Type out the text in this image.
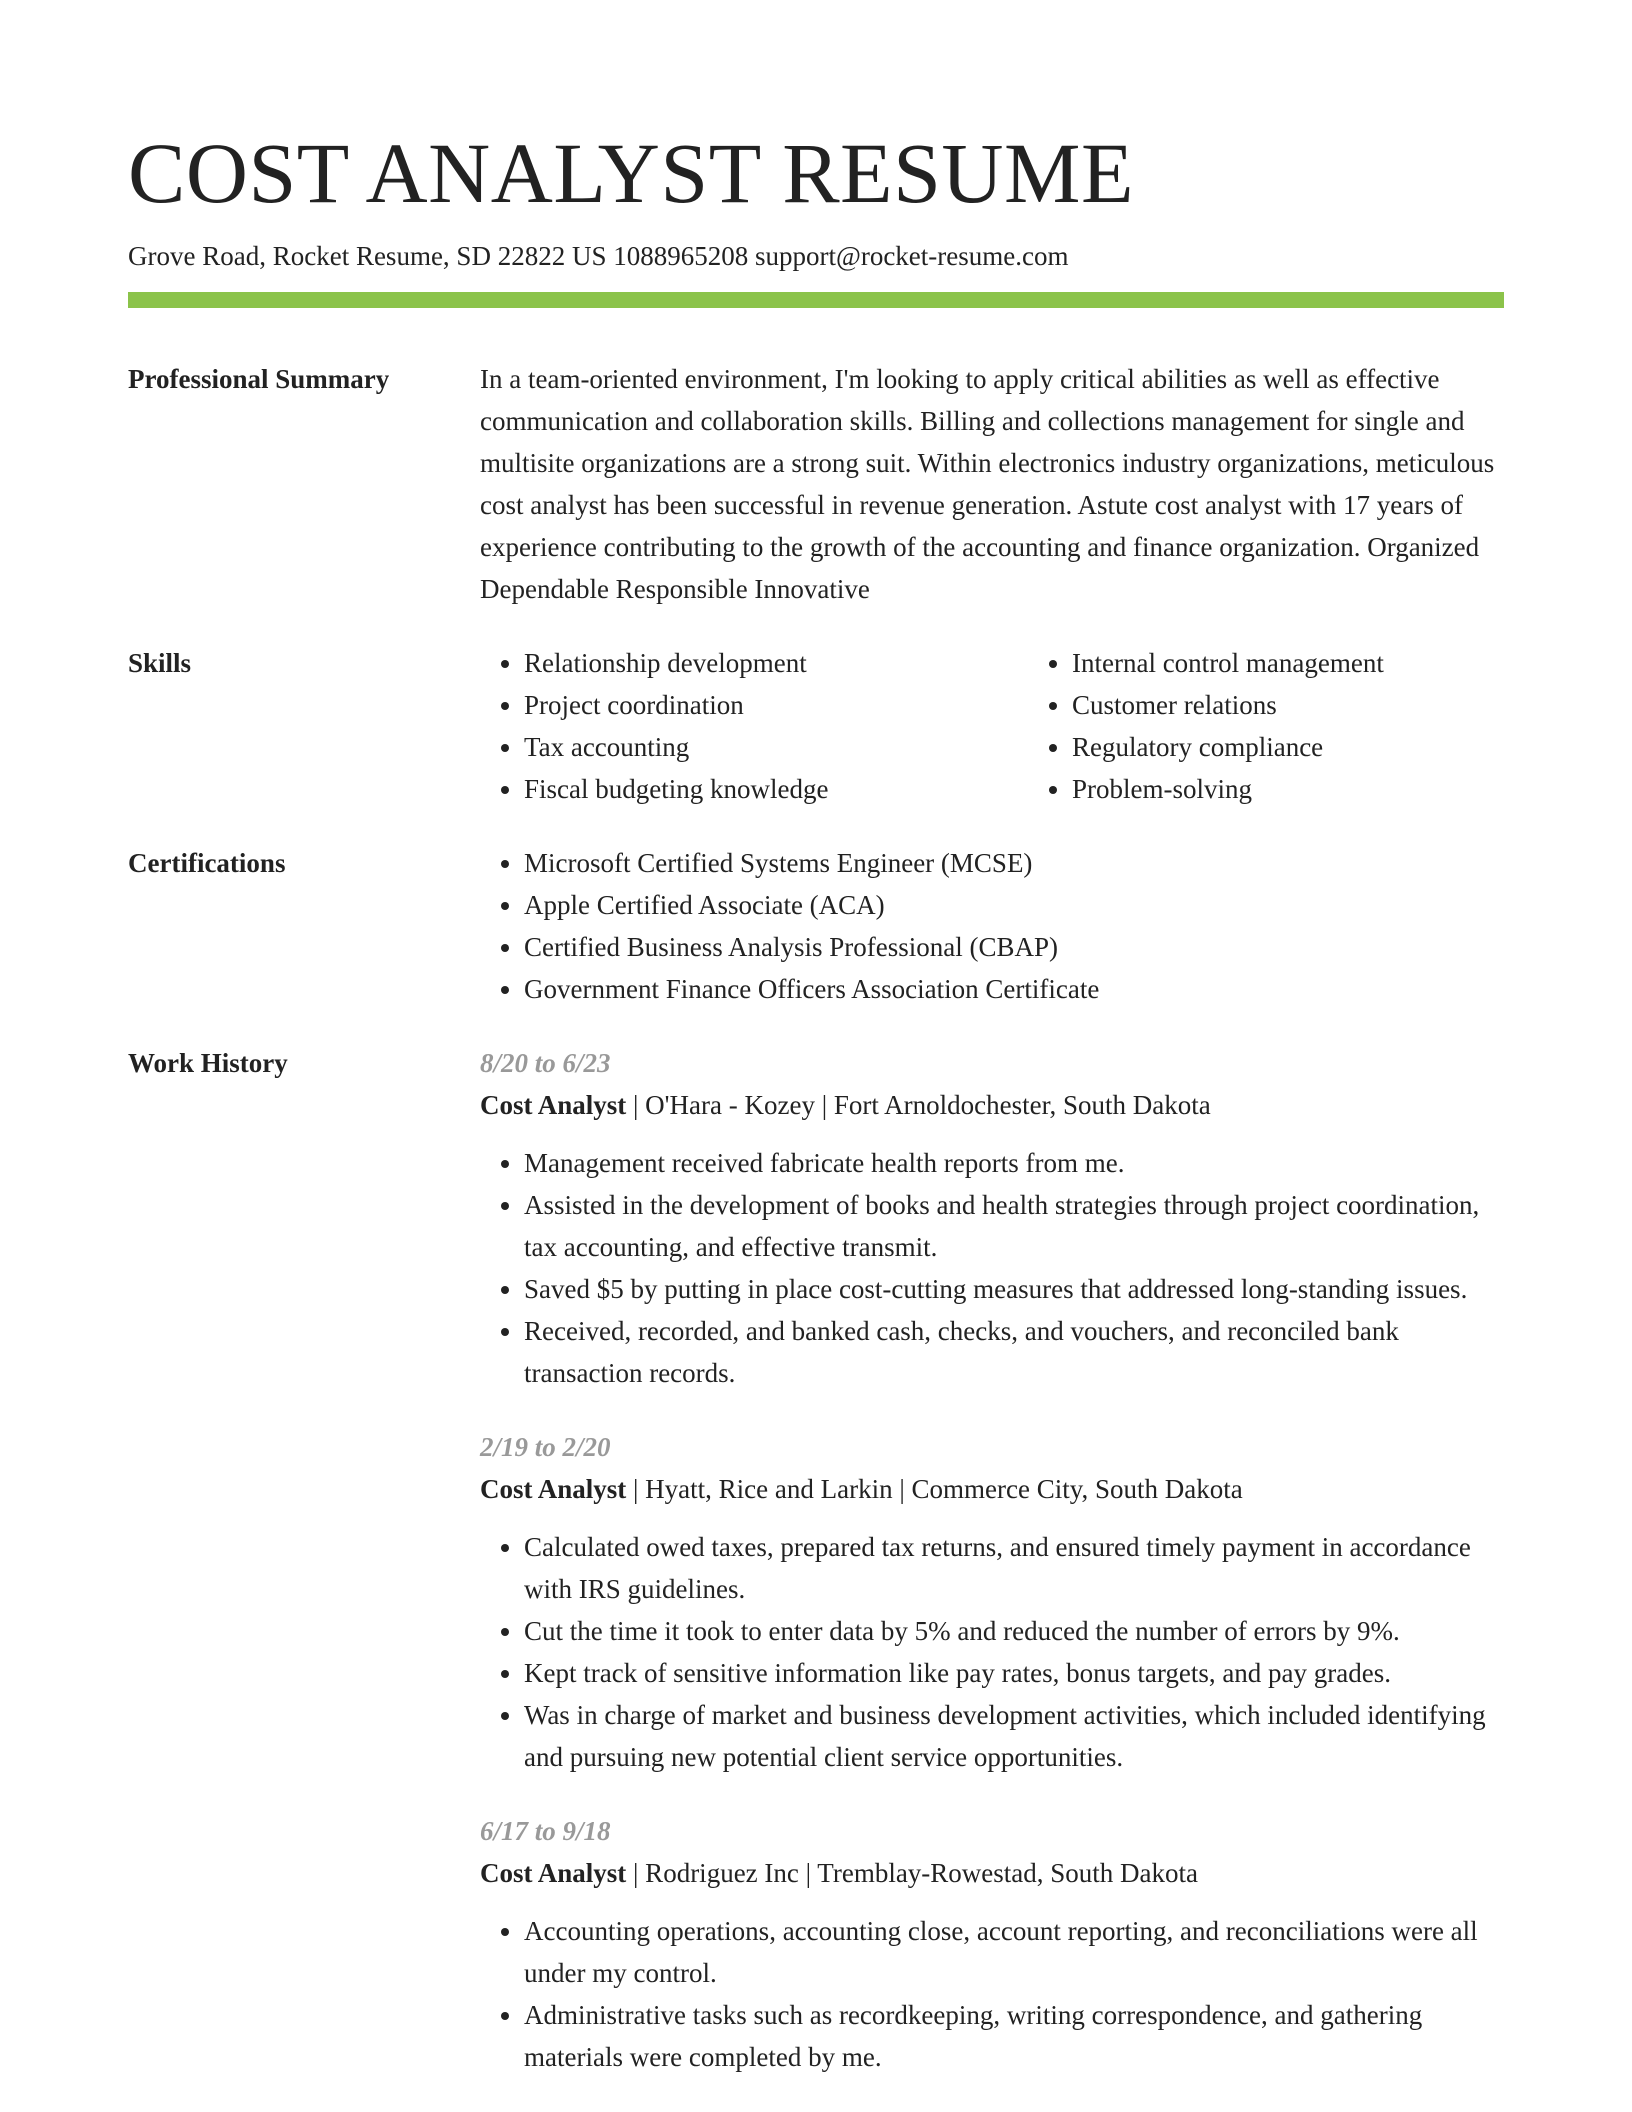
COST ANALYST RESUME
Grove Road, Rocket Resume, SD 22822 US 1088965208 support@rocket-resume.com
Professional Summary	In a team-oriented environment, I'm looking to apply critical abilities as well as effective communication and collaboration skills. Billing and collections management for single and multisite organizations are a strong suit. Within electronics industry organizations, meticulous cost analyst has been successful in revenue generation. Astute cost analyst with 17 years of experience contributing to the growth of the accounting and finance organization. Organized Dependable Responsible Innovative
Skills	• Relationship development
• Project coordination
• Tax accounting
• Fiscal budgeting knowledge
• Internal control management
• Customer relations
• Regulatory compliance
• Problem-solving
Certifications	• Microsoft Certified Systems Engineer (MCSE)
• Apple Certified Associate (ACA)
• Certified Business Analysis Professional (CBAP)
• Government Finance Officers Association Certificate
Work History	8/20 to 6/23
Cost Analyst | O'Hara - Kozey | Fort Arnoldochester, South Dakota
• Management received fabricate health reports from me.
• Assisted in the development of books and health strategies through project coordination, tax accounting, and effective transmit.
• Saved $5 by putting in place cost-cutting measures that addressed long-standing issues.
• Received, recorded, and banked cash, checks, and vouchers, and reconciled bank transaction records.
2/19 to 2/20
Cost Analyst | Hyatt, Rice and Larkin | Commerce City, South Dakota
• Calculated owed taxes, prepared tax returns, and ensured timely payment in accordance with IRS guidelines.
• Cut the time it took to enter data by 5% and reduced the number of errors by 9%.
• Kept track of sensitive information like pay rates, bonus targets, and pay grades.
• Was in charge of market and business development activities, which included identifying and pursuing new potential client service opportunities.
6/17 to 9/18
Cost Analyst | Rodriguez Inc | Tremblay-Rowestad, South Dakota
• Accounting operations, accounting close, account reporting, and reconciliations were all under my control.
• Administrative tasks such as recordkeeping, writing correspondence, and gathering materials were completed by me.
